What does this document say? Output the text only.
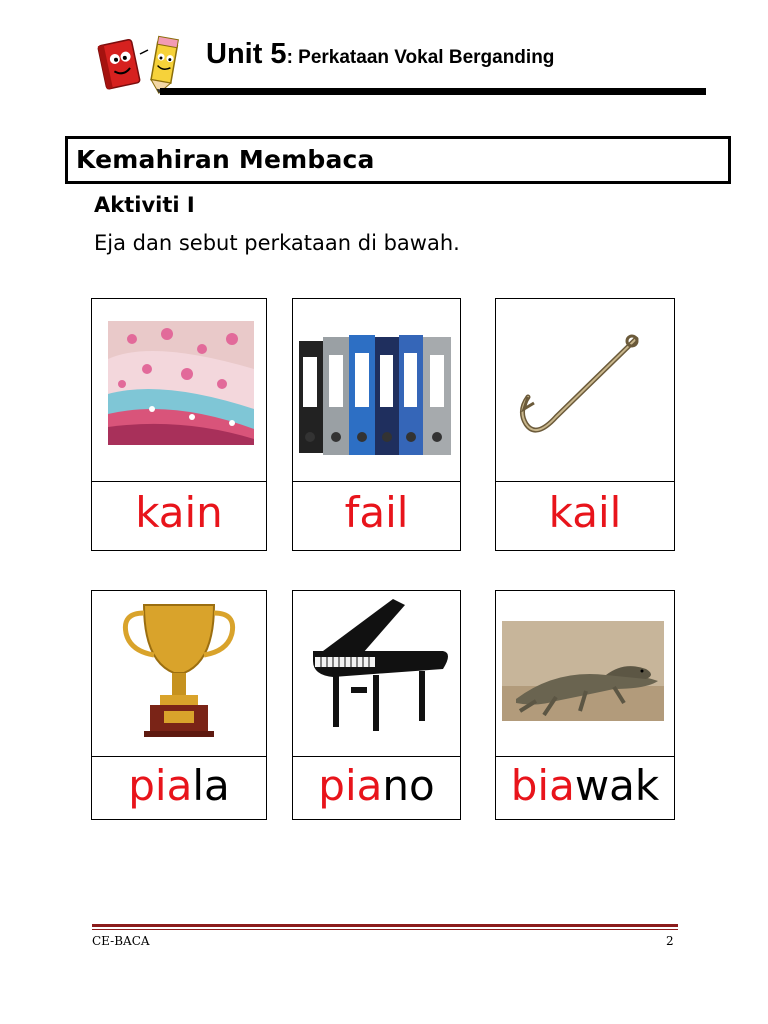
Unit 5: Perkataan Vokal Berganding
Kemahiran Membaca
Aktiviti I
Eja dan sebut perkataan di bawah.
kain	fail	kail
piala	piano	biawak
CE-BACA	2
